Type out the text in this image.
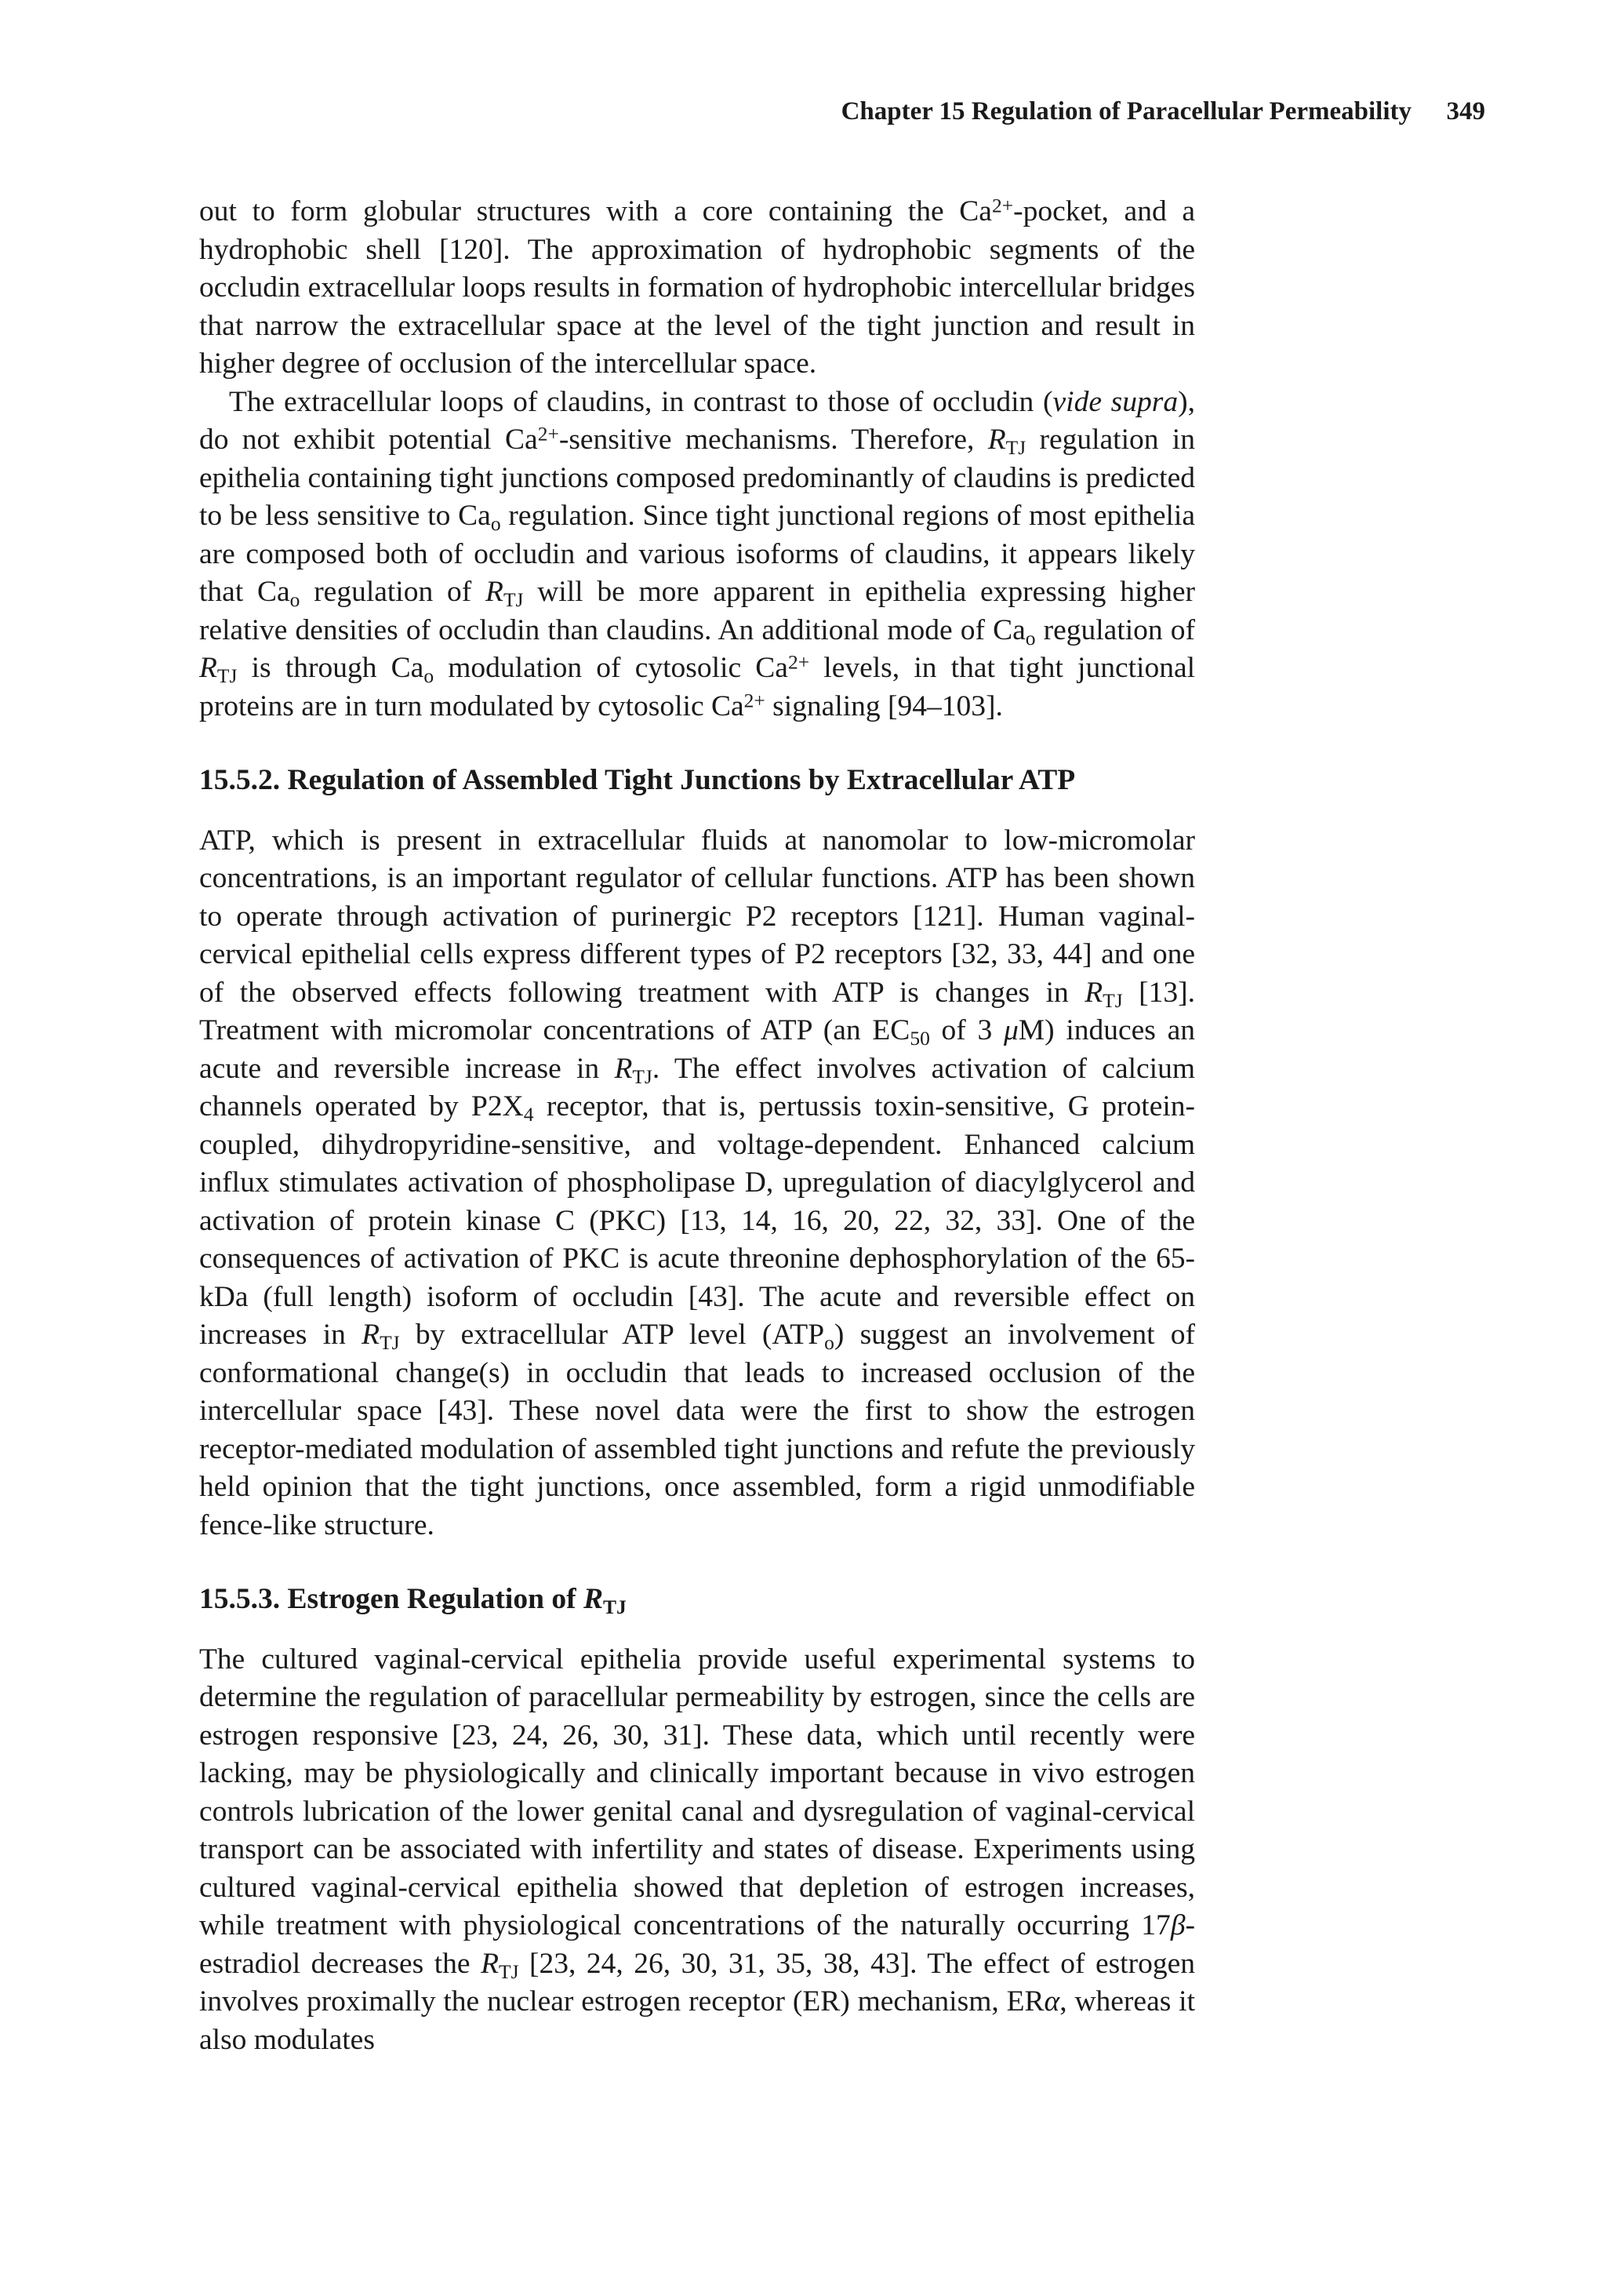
Chapter 15 Regulation of Paracellular Permeability 349

out to form globular structures with a core containing the $Ca^{2+}$-pocket, and a hydrophobic shell [120]. The approximation of hydrophobic segments of the occludin extracellular loops results in formation of hydrophobic intercellular bridges that narrow the extracellular space at the level of the tight junction and result in higher degree of occlusion of the intercellular space.

The extracellular loops of claudins, in contrast to those of occludin (vide supra), do not exhibit potential $Ca^{2+}$-sensitive mechanisms. Therefore, $R_{TJ}$ regulation in epithelia containing tight junctions composed predominantly of claudins is predicted to be less sensitive to $Ca_o$ regulation. Since tight junctional regions of most epithelia are composed both of occludin and various isoforms of claudins, it appears likely that $Ca_o$ regulation of $R_{TJ}$ will be more apparent in epithelia expressing higher relative densities of occludin than claudins. An additional mode of $Ca_o$ regulation of $R_{TJ}$ is through $Ca_o$ modulation of cytosolic $Ca^{2+}$ levels, in that tight junctional proteins are in turn modulated by cytosolic $Ca^{2+}$ signaling [94–103].

15.5.2. Regulation of Assembled Tight Junctions by Extracellular ATP

ATP, which is present in extracellular fluids at nanomolar to low-micromolar concentrations, is an important regulator of cellular functions. ATP has been shown to operate through activation of purinergic P2 receptors [121]. Human vaginal-cervical epithelial cells express different types of P2 receptors [32, 33, 44] and one of the observed effects following treatment with ATP is changes in $R_{TJ}$ [13]. Treatment with micromolar concentrations of ATP (an $EC_{50}$ of 3 μM) induces an acute and reversible increase in $R_{TJ}$. The effect involves activation of calcium channels operated by $P2X_4$ receptor, that is, pertussis toxin-sensitive, G protein-coupled, dihydropyridine-sensitive, and voltage-dependent. Enhanced calcium influx stimulates activation of phospholipase D, upregulation of diacylglycerol and activation of protein kinase C (PKC) [13, 14, 16, 20, 22, 32, 33]. One of the consequences of activation of PKC is acute threonine dephosphorylation of the 65-kDa (full length) isoform of occludin [43]. The acute and reversible effect on increases in $R_{TJ}$ by extracellular ATP level $(ATP_o)$ suggest an involvement of conformational change(s) in occludin that leads to increased occlusion of the intercellular space [43]. These novel data were the first to show the estrogen receptor-mediated modulation of assembled tight junctions and refute the previously held opinion that the tight junctions, once assembled, form a rigid unmodifiable fence-like structure.

15.5.3. Estrogen Regulation of $R_{TJ}$

The cultured vaginal-cervical epithelia provide useful experimental systems to determine the regulation of paracellular permeability by estrogen, since the cells are estrogen responsive [23, 24, 26, 30, 31]. These data, which until recently were lacking, may be physiologically and clinically important because in vivo estrogen controls lubrication of the lower genital canal and dysregulation of vaginal-cervical transport can be associated with infertility and states of disease. Experiments using cultured vaginal-cervical epithelia showed that depletion of estrogen increases, while treatment with physiological concentrations of the naturally occurring 17β-estradiol decreases the $R_{TJ}$ [23, 24, 26, 30, 31, 35, 38, 43]. The effect of estrogen involves proximally the nuclear estrogen receptor (ER) mechanism, ERα, whereas it also modulates
